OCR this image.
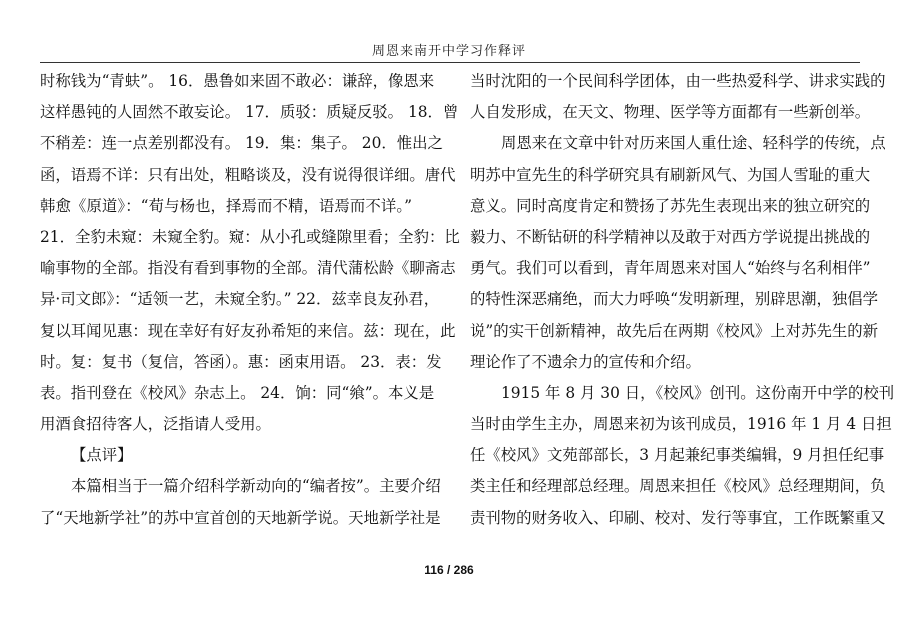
周恩来南开中学习作释评
时称钱为“青蚨”。 16．愚鲁如来固不敢必：谦辞，像恩来
这样愚钝的人固然不敢妄论。 17．质驳：质疑反驳。 18．曾
不稍差：连一点差别都没有。 19．集：集子。 20．惟出之
函，语焉不详：只有出处，粗略谈及，没有说得很详细。唐代
韩愈《原道》：“荀与杨也，择焉而不精，语焉而不详。”
21．全豹未窥：未窥全豹。窥：从小孔或缝隙里看；全豹：比
喻事物的全部。指没有看到事物的全部。清代蒲松龄《聊斋志
异·司文郎》：“适领一艺，未窥全豹。” 22．兹幸良友孙君，
复以耳闻见惠：现在幸好有好友孙希矩的来信。兹：现在，此
时。复：复书（复信，答函）。惠：函束用语。 23．表：发
表。指刊登在《校风》杂志上。 24．饷：同“飨”。本义是
用酒食招待客人，泛指请人受用。
【点评】
本篇相当于一篇介绍科学新动向的“编者按”。主要介绍
了“天地新学社”的苏中宣首创的天地新学说。天地新学社是
当时沈阳的一个民间科学团体，由一些热爱科学、讲求实践的
人自发形成，在天文、物理、医学等方面都有一些新创举。
周恩来在文章中针对历来国人重仕途、轻科学的传统，点
明苏中宣先生的科学研究具有刷新风气、为国人雪耻的重大
意义。同时高度肯定和赞扬了苏先生表现出来的独立研究的
毅力、不断钻研的科学精神以及敢于对西方学说提出挑战的
勇气。我们可以看到，青年周恩来对国人“始终与名利相伴”
的特性深恶痛绝，而大力呼唤“发明新理，别辟思潮，独倡学
说”的实干创新精神，故先后在两期《校风》上对苏先生的新
理论作了不遗余力的宣传和介绍。
1915 年 8 月 30 日，《校风》创刊。这份南开中学的校刊
当时由学生主办，周恩来初为该刊成员，1916 年 1 月 4 日担
任《校风》文苑部部长，3 月起兼纪事类编辑，9 月担任纪事
类主任和经理部总经理。周恩来担任《校风》总经理期间，负
责刊物的财务收入、印刷、校对、发行等事宜，工作既繁重又
116 / 286
